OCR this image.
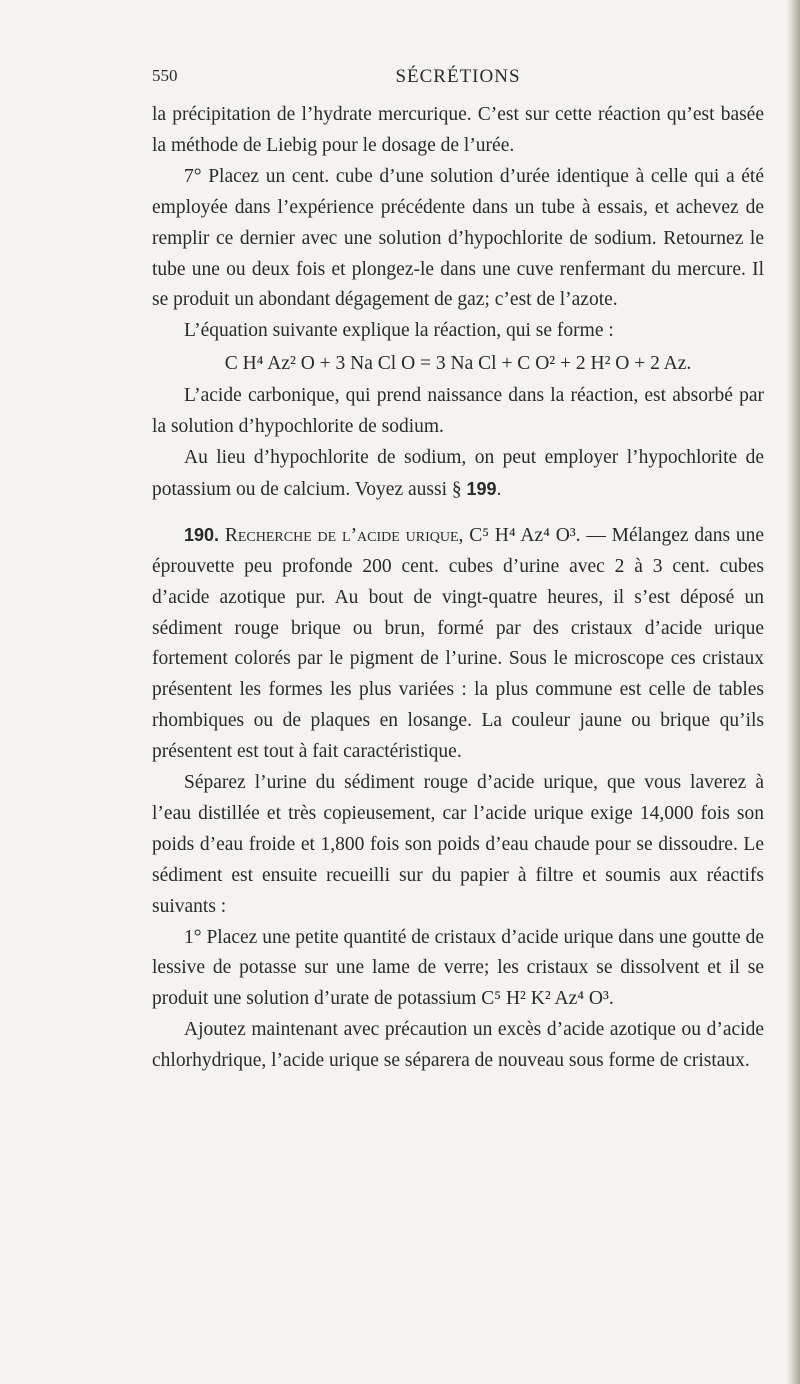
550	SÉCRÉTIONS

la précipitation de l’hydrate mercurique. C’est sur cette réaction qu’est basée la méthode de Liebig pour le dosage de l’urée.

7° Placez un cent. cube d’une solution d’urée identique à celle qui a été employée dans l’expérience précédente dans un tube à essais, et achevez de remplir ce dernier avec une solution d’hypochlorite de sodium. Retournez le tube une ou deux fois et plongez-le dans une cuve renfermant du mercure. Il se produit un abondant dégagement de gaz; c’est de l’azote.

L’équation suivante explique la réaction, qui se forme :

C H⁴ Az² O + 3 Na Cl O = 3 Na Cl + C O² + 2 H² O + 2 Az.

L’acide carbonique, qui prend naissance dans la réaction, est absorbé par la solution d’hypochlorite de sodium.

Au lieu d’hypochlorite de sodium, on peut employer l’hypochlorite de potassium ou de calcium. Voyez aussi § 199.

190. Recherche de l’acide urique, C⁵ H⁴ Az⁴ O³. — Mélangez dans une éprouvette peu profonde 200 cent. cubes d’urine avec 2 à 3 cent. cubes d’acide azotique pur. Au bout de vingt-quatre heures, il s’est déposé un sédiment rouge brique ou brun, formé par des cristaux d’acide urique fortement colorés par le pigment de l’urine. Sous le microscope ces cristaux présentent les formes les plus variées : la plus commune est celle de tables rhombiques ou de plaques en losange. La couleur jaune ou brique qu’ils présentent est tout à fait caractéristique.

Séparez l’urine du sédiment rouge d’acide urique, que vous laverez à l’eau distillée et très copieusement, car l’acide urique exige 14,000 fois son poids d’eau froide et 1,800 fois son poids d’eau chaude pour se dissoudre. Le sédiment est ensuite recueilli sur du papier à filtre et soumis aux réactifs suivants :

1° Placez une petite quantité de cristaux d’acide urique dans une goutte de lessive de potasse sur une lame de verre; les cristaux se dissolvent et il se produit une solution d’urate de potassium C⁵ H² K² Az⁴ O³.

Ajoutez maintenant avec précaution un excès d’acide azotique ou d’acide chlorhydrique, l’acide urique se séparera de nouveau sous forme de cristaux.
